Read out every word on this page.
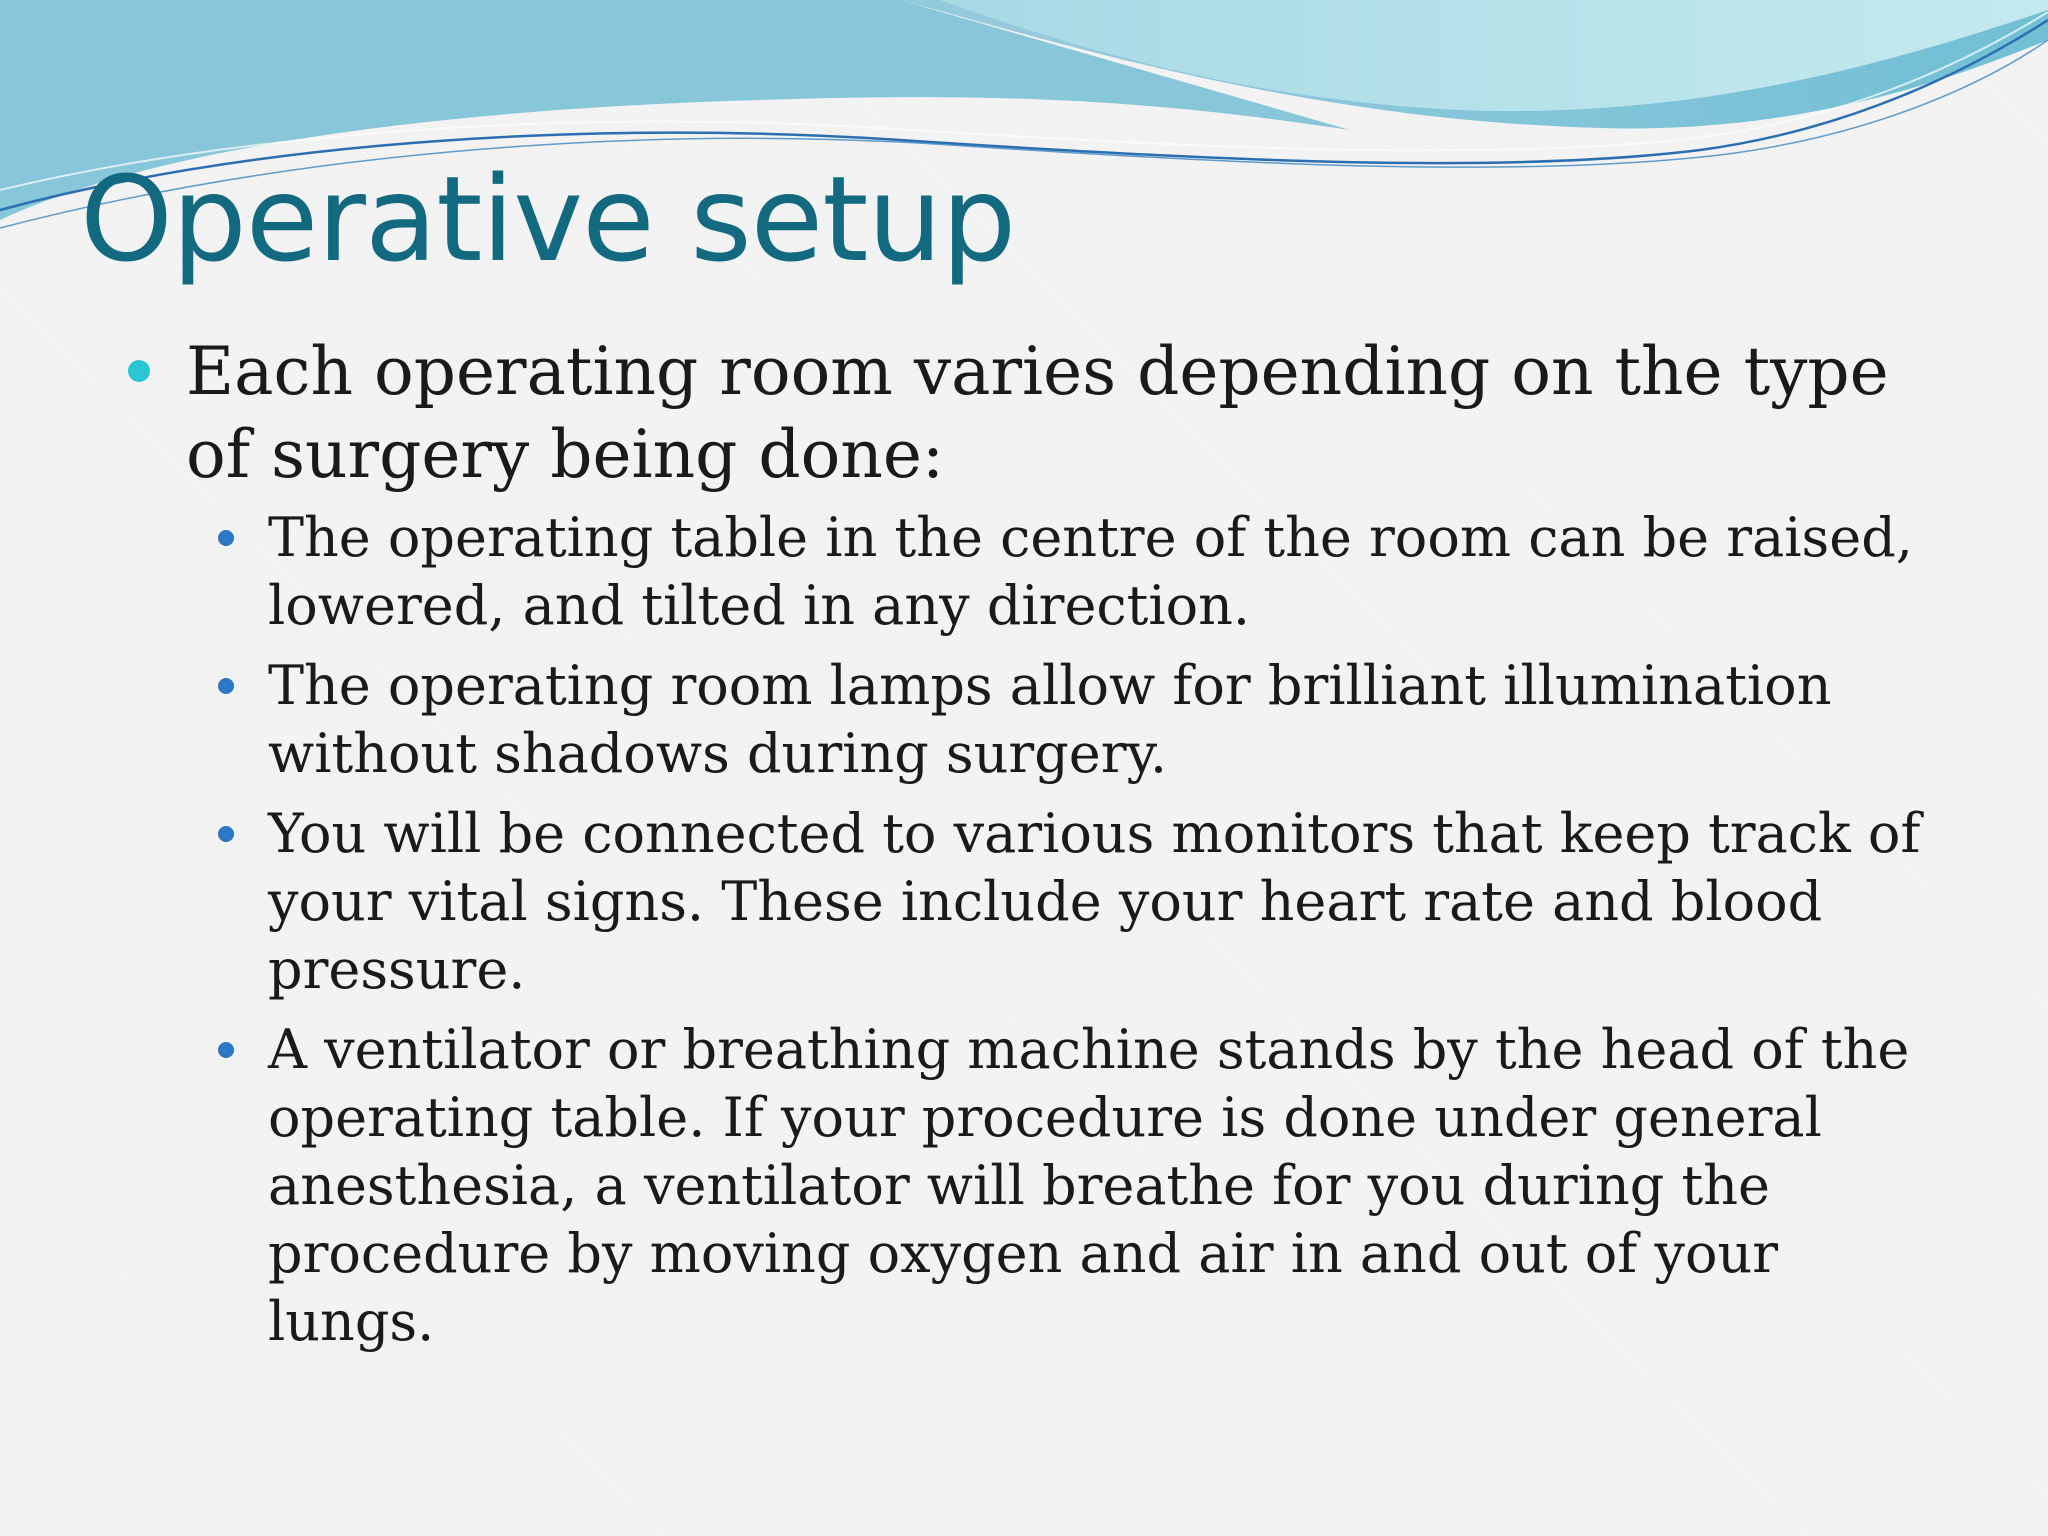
Operative setup
Each operating room varies depending on the type of surgery being done:
The operating table in the centre of the room can be raised, lowered, and tilted in any direction.
The operating room lamps allow for brilliant illumination without shadows during surgery.
You will be connected to various monitors that keep track of your vital signs. These include your heart rate and blood pressure.
A ventilator or breathing machine stands by the head of the operating table. If your procedure is done under general anesthesia, a ventilator will breathe for you during the procedure by moving oxygen and air in and out of your lungs.
